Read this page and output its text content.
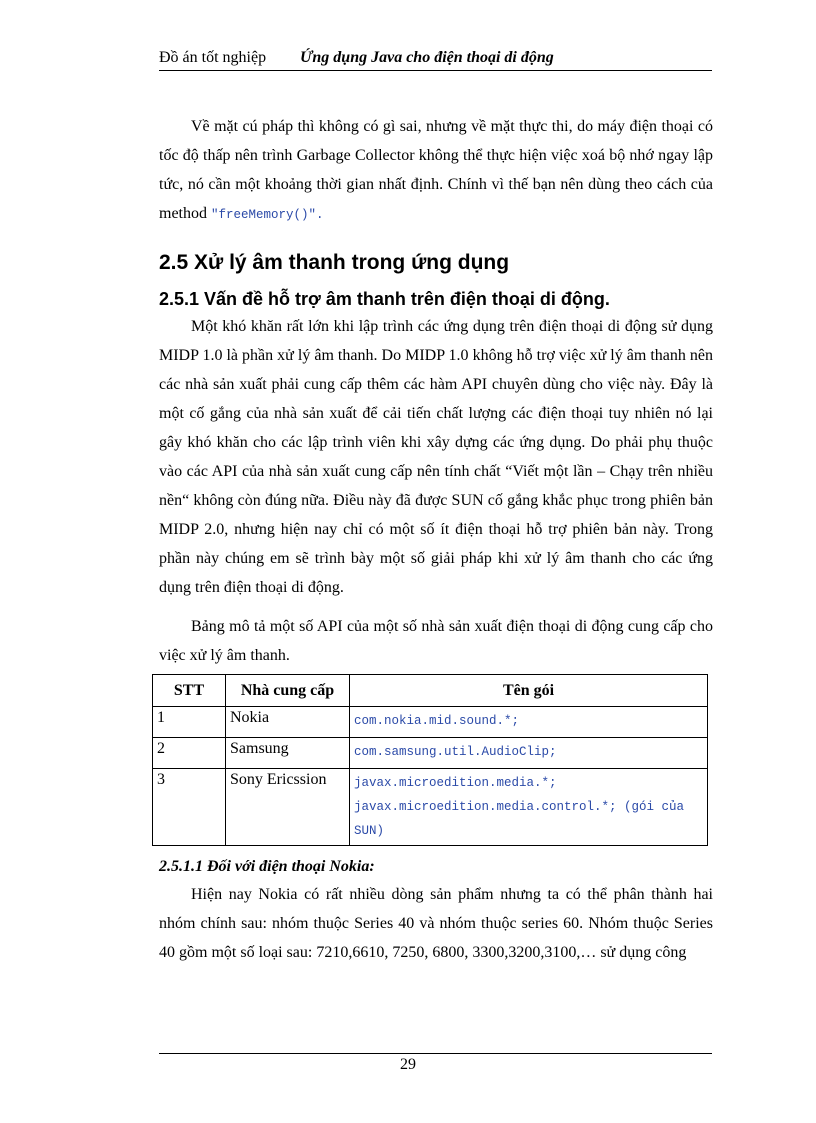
Đồ án tốt nghiệp Ứng dụng Java cho điện thoại di động

Về mặt cú pháp thì không có gì sai, nhưng về mặt thực thi, do máy điện thoại có tốc độ thấp nên trình Garbage Collector không thể thực hiện việc xoá bộ nhớ ngay lập tức, nó cần một khoảng thời gian nhất định. Chính vì thế bạn nên dùng theo cách của method "freeMemory()".

2.5 Xử lý âm thanh trong ứng dụng
2.5.1 Vấn đề hỗ trợ âm thanh trên điện thoại di động.

Một khó khăn rất lớn khi lập trình các ứng dụng trên điện thoại di động sử dụng MIDP 1.0 là phần xử lý âm thanh. Do MIDP 1.0 không hỗ trợ việc xử lý âm thanh nên các nhà sản xuất phải cung cấp thêm các hàm API chuyên dùng cho việc này. Đây là một cố gắng của nhà sản xuất để cải tiến chất lượng các điện thoại tuy nhiên nó lại gây khó khăn cho các lập trình viên khi xây dựng các ứng dụng. Do phải phụ thuộc vào các API của nhà sản xuất cung cấp nên tính chất “Viết một lần – Chạy trên nhiều nền“ không còn đúng nữa. Điều này đã được SUN cố gắng khắc phục trong phiên bản MIDP 2.0, nhưng hiện nay chỉ có một số ít điện thoại hỗ trợ phiên bản này. Trong phần này chúng em sẽ trình bày một số giải pháp khi xử lý âm thanh cho các ứng dụng trên điện thoại di động.

Bảng mô tả một số API của một số nhà sản xuất điện thoại di động cung cấp cho việc xử lý âm thanh.

STT	Nhà cung cấp	Tên gói
1	Nokia	com.nokia.mid.sound.*;
2	Samsung	com.samsung.util.AudioClip;
3	Sony Ericssion	javax.microedition.media.*;
javax.microedition.media.control.*; (gói của SUN)
2.5.1.1 Đối với điện thoại Nokia:

Hiện nay Nokia có rất nhiều dòng sản phẩm nhưng ta có thể phân thành hai nhóm chính sau: nhóm thuộc Series 40 và nhóm thuộc series 60. Nhóm thuộc Series 40 gồm một số loại sau: 7210,6610, 7250, 6800, 3300,3200,3100,… sử dụng công

29
